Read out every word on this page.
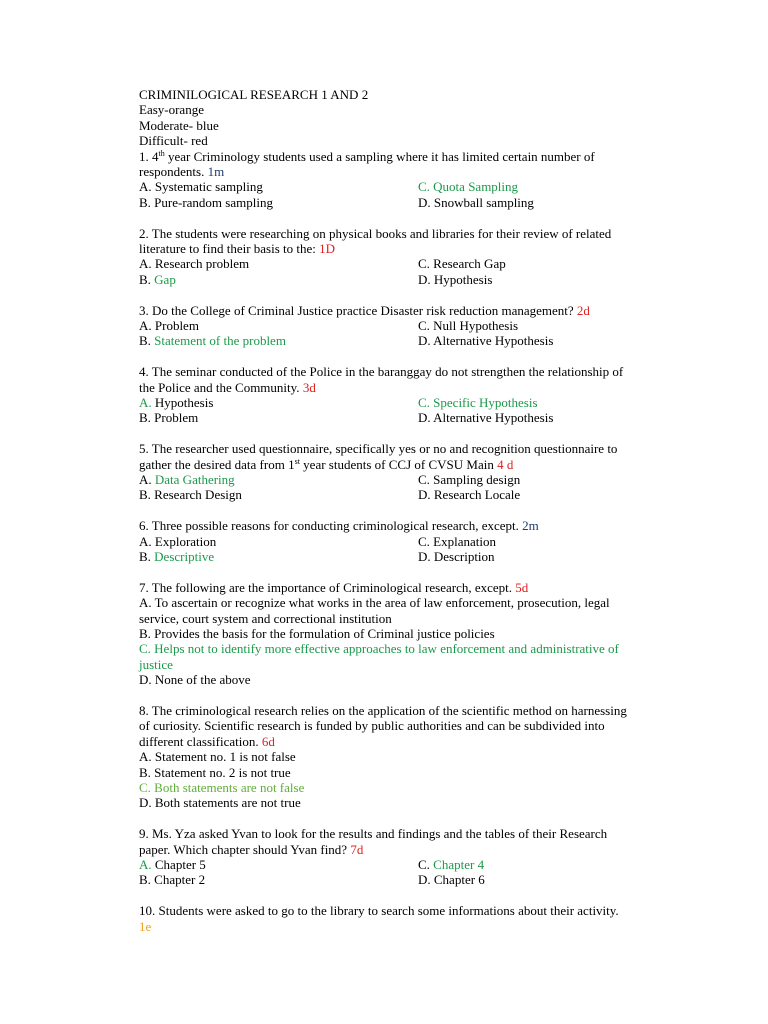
CRIMINILOGICAL RESEARCH 1 AND 2
Easy-orange
Moderate- blue
Difficult- red
1. 4th year Criminology students used a sampling where it has limited certain number of
respondents. 1m
A. Systematic sampling	C. Quota Sampling
B. Pure-random sampling	D. Snowball sampling
2. The students were researching on physical books and libraries for their review of related
literature to find their basis to the: 1D
A. Research problem	C. Research Gap
B. Gap	D. Hypothesis
3. Do the College of Criminal Justice practice Disaster risk reduction management? 2d
A. Problem	C. Null Hypothesis
B. Statement of the problem	D. Alternative Hypothesis
4. The seminar conducted of the Police in the baranggay do not strengthen the relationship of
the Police and the Community. 3d
A. Hypothesis	C. Specific Hypothesis
B. Problem	D. Alternative Hypothesis
5. The researcher used questionnaire, specifically yes or no and recognition questionnaire to
gather the desired data from 1st year students of CCJ of CVSU Main 4 d
A. Data Gathering	C. Sampling design
B. Research Design	D. Research Locale
6. Three possible reasons for conducting criminological research, except. 2m
A. Exploration	C. Explanation
B. Descriptive	D. Description
7. The following are the importance of Criminological research, except. 5d
A. To ascertain or recognize what works in the area of law enforcement, prosecution, legal
service, court system and correctional institution
B. Provides the basis for the formulation of Criminal justice policies
C. Helps not to identify more effective approaches to law enforcement and administrative of
justice
D. None of the above
8. The criminological research relies on the application of the scientific method on harnessing
of curiosity. Scientific research is funded by public authorities and can be subdivided into
different classification. 6d
A. Statement no. 1 is not false
B. Statement no. 2 is not true
C. Both statements are not false
D. Both statements are not true
9. Ms. Yza asked Yvan to look for the results and findings and the tables of their Research
paper. Which chapter should Yvan find? 7d
A. Chapter 5	C. Chapter 4
B. Chapter 2	D. Chapter 6
10. Students were asked to go to the library to search some informations about their activity.
1e
